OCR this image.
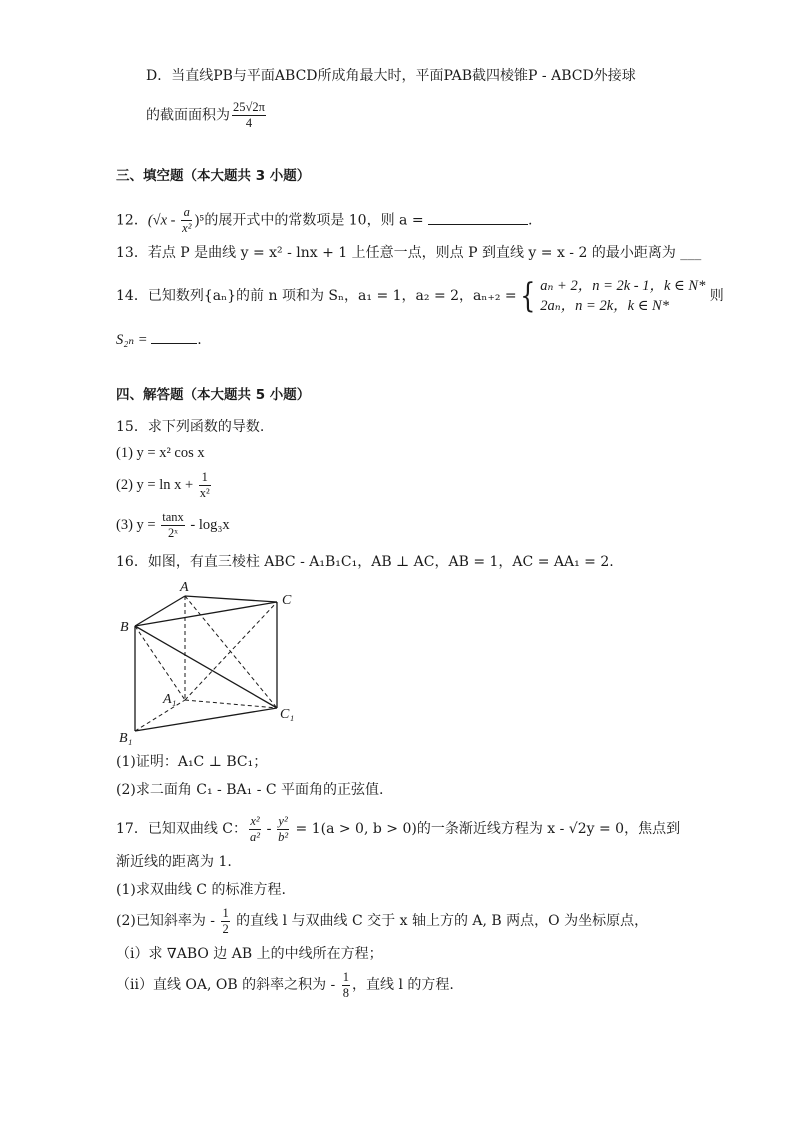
D．当直线PB与平面ABCD所成角最大时，平面PAB截四棱锥P - ABCD外接球
的截面面积为 $\frac{25√2\pi}{4}$
三、填空题（本大题共 3 小题）
12．$(√x - \frac{a}{\text{x²}} )^5$的展开式中的常数项是 10，则 a =	.
13．若点 P 是曲线 y = x² - lnx + 1 上任意一点，则点 P 到直线 y = x - 2 的最小距离为 ___
14．已知数列{aₙ}的前 n 项和为 Sₙ，a₁ = 1，a₂ = 2，aₙ₊₂ ={ aₙ + 2，n = 2k - 1，k ∈ N*
2aₙ，n = 2k，k ∈ N*
则
S₂ₙ =	.
四、解答题（本大题共 5 小题）
15．求下列函数的导数.
(1) y = x² cos x
(2) $y = \ln x + \frac{1}{\text{x²}}$
(3) $y = \frac{\tan x}{\text{2ˣ}} - \log_3x$
16．如图，有直三棱柱 ABC - A₁B₁C₁，AB ⊥ AC，AB = 1，AC = AA₁ = 2.
A
B
C
A₁
B₁
C₁
(1)证明：A₁C ⊥ BC₁；
(2)求二面角 C₁ - BA₁ - C 平面角的正弦值.
17．已知双曲线 C： $\frac{\text{x²}}{\text{a²}} - \frac{\text{y²}}{\text{b²}} = 1(a > 0$, b > 0)的一条渐近线方程为 x - √2y = 0，焦点到
渐近线的距离为 1.
(1)求双曲线 C 的标准方程.
(2)已知斜率为 - $\frac{1}{2}$ 的直线 l 与双曲线 C 交于 x 轴上方的 A, B 两点，O 为坐标原点，
（i）求 ∇ABO 边 AB 上的中线所在方程；
（ii）直线 OA, OB 的斜率之积为 - $\frac{1}{8}$ ，直线 l 的方程.
